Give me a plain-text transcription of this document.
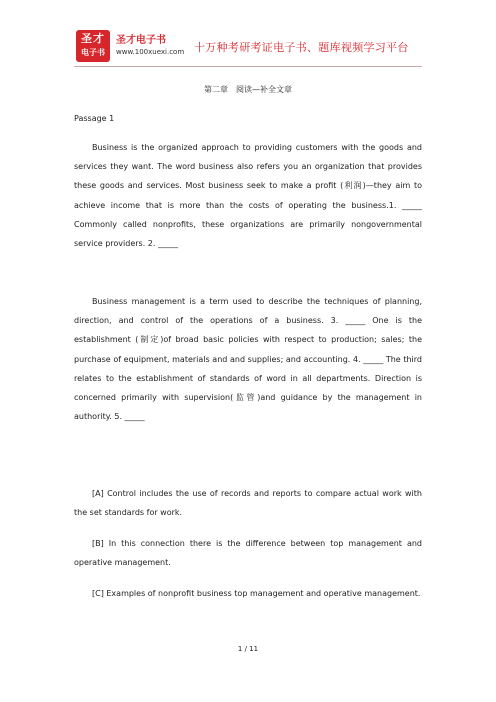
圣才
电子书
圣才电子书
www.100xuexi.com 十万种考研考证电子书、题库视频学习平台
第二章　阅读—补全文章
Passage 1

Business is the organized approach to providing customers with the goods and services they want. The word business also refers you an organization that provides these goods and services. Most business seek to make a profit (利润)—they aim to achieve income that is more than the costs of operating the business.1. _____ Commonly called nonprofits, these organizations are primarily nongovernmental service providers. 2. _____

Business management is a term used to describe the techniques of planning, direction, and control of the operations of a business. 3. _____ One is the establishment (制定)of broad basic policies with respect to production; sales; the purchase of equipment, materials and and supplies; and accounting. 4. _____ The third relates to the establishment of standards of word in all departments. Direction is concerned primarily with supervision(监管)and guidance by the management in authority. 5. _____

[A] Control includes the use of records and reports to compare actual work with the set standards for work.

[B] In this connection there is the difference between top management and operative management.

[C] Examples of nonprofit business top management and operative management.

1 / 11
